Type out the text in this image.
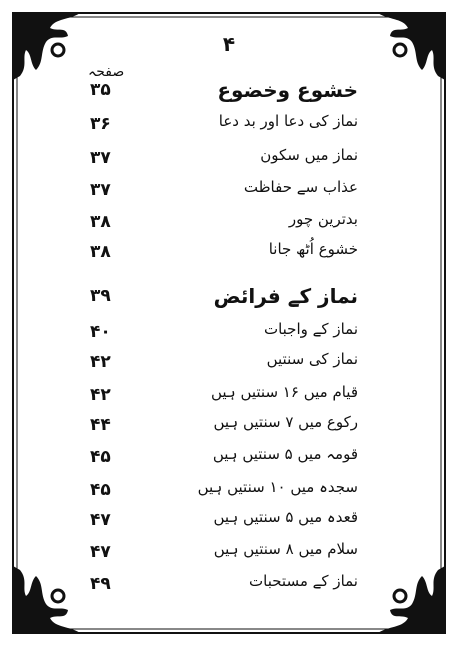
۴
صفحہ
۳۵	خشوع وخضوع
۳۶	نماز کی دعا اور بد دعا
۳۷	نماز میں سکون
۳۷	عذاب سے حفاظت
۳۸	بدترین چور
۳۸	خشوع اُٹھ جانا
۳۹	نماز کے فرائض
۴۰	نماز کے واجبات
۴۲	نماز کی سنتیں
۴۲	قیام میں ۱۶ سنتیں ہیں
۴۴	رکوع میں ۷ سنتیں ہیں
۴۵	قومہ میں ۵ سنتیں ہیں
۴۵	سجدہ میں ۱۰ سنتیں ہیں
۴۷	قعدہ میں ۵ سنتیں ہیں
۴۷	سلام میں ۸ سنتیں ہیں
۴۹	نماز کے مستحبات
